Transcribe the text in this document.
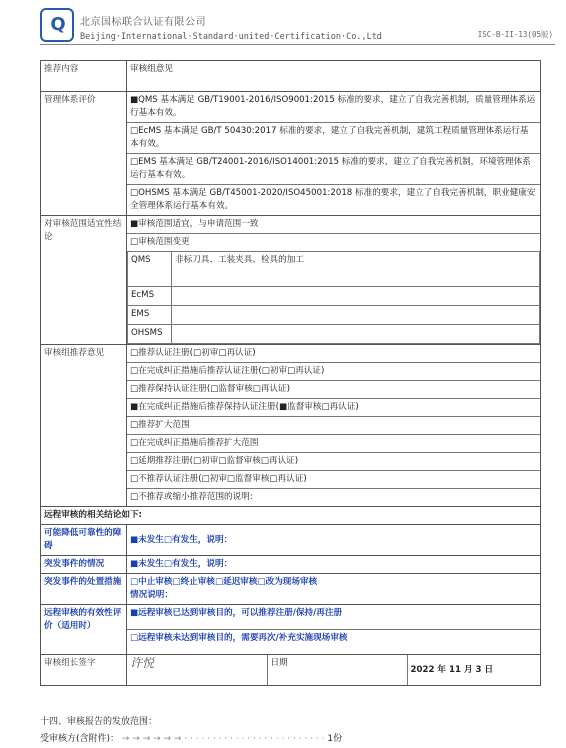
Q 北京国标联合认证有限公司
Beijing·International·Standard·united·Certification·Co.,Ltd	ISC-B-II-13(05版)
推荐内容	审核组意见
管理体系评价	■QMS 基本满足 GB/T19001-2016/ISO9001:2015 标准的要求，建立了自我完善机制，质量管理体系运行基本有效。
□EcMS 基本满足 GB/T 50430:2017 标准的要求，建立了自我完善机制，建筑工程质量管理体系运行基本有效。
□EMS 基本满足 GB/T24001-2016/ISO14001:2015 标准的要求，建立了自我完善机制，环境管理体系运行基本有效。
□OHSMS 基本满足 GB/T45001-2020/ISO45001:2018 标准的要求，建立了自我完善机制，职业健康安全管理体系运行基本有效。

对审核范围适宜性结论	
■审核范围适宜，与申请范围一致
□审核范围变更
QMS	非标刀具、工装夹具、检具的加工
EcMS	
EMS	
OHSMS	

审核组推荐意见	□推荐认证注册(□初审□再认证)
□在完成纠正措施后推荐认证注册(□初审□再认证)
□推荐保持认证注册(□监督审核□再认证)
■在完成纠正措施后推荐保持认证注册(■监督审核□再认证)
□推荐扩大范围
□在完成纠正措施后推荐扩大范围
□延期推荐注册(□初审□监督审核□再认证)
□不推荐认证注册(□初审□监督审核□再认证)
□不推荐或缩小推荐范围的说明:

远程审核的相关结论如下:
可能降低可靠性的障碍	■未发生□有发生，说明：
突发事件的情况	■未发生□有发生，说明：
突发事件的处置措施	□中止审核□终止审核□延迟审核□改为现场审核
情况说明：

远程审核的有效性评价（适用时）	
■远程审核已达到审核目的，可以推荐注册/保持/再注册
□远程审核未达到审核目的，需要再次/补充实施现场审核

审核组长签字		许悦	日期	2022 年 11 月 3 日
十四、审核报告的发放范围：
受审核方(含附件)： → → → → → → · · · · · · · · · · · · · · · · · · · · · · · · · 1份
